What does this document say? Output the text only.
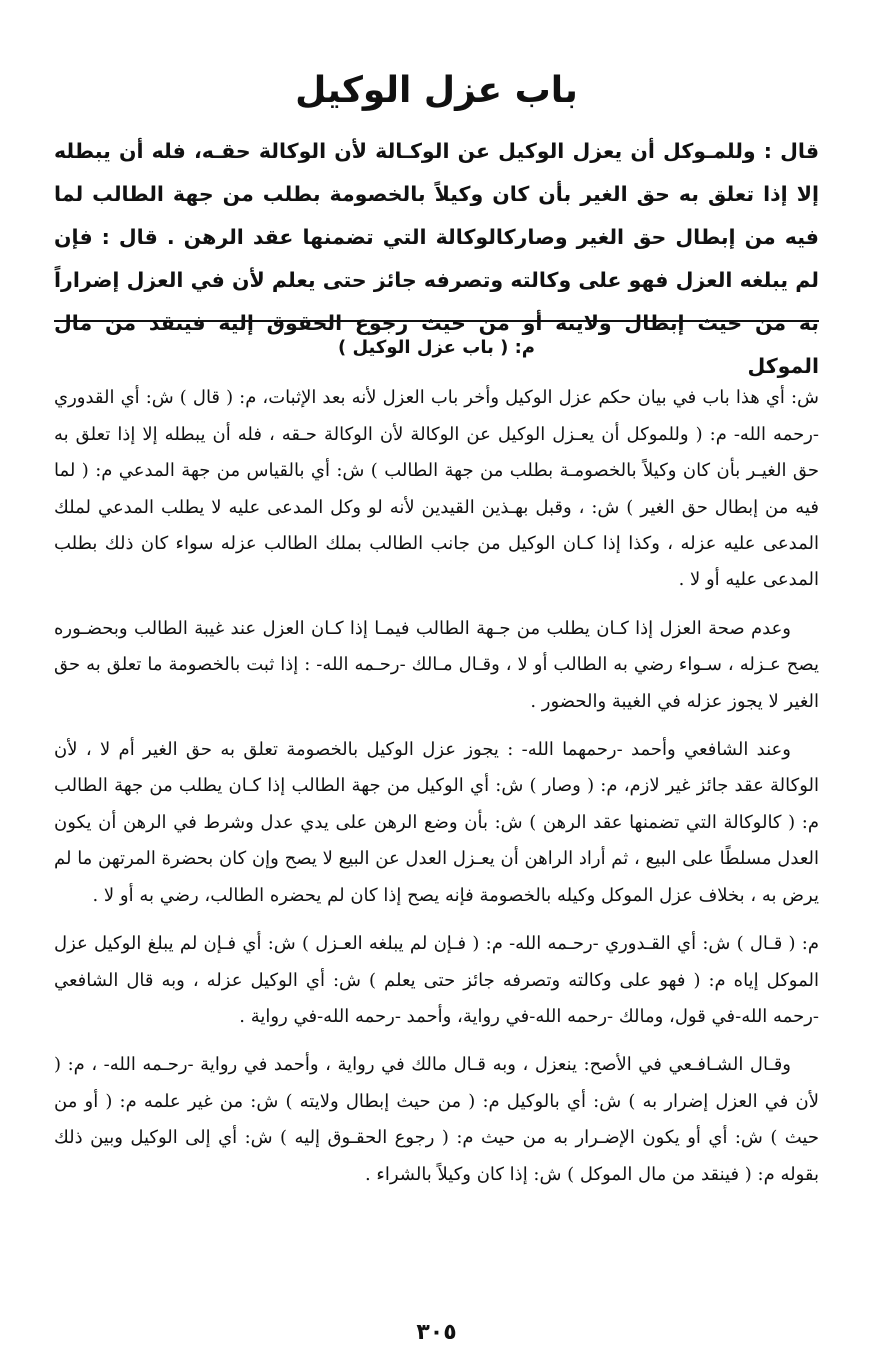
باب عزل الوكيل
قال : وللمـوكل أن يعزل الوكيل عن الوكـالة لأن الوكالة حقـه، فله أن يبطله إلا إذا تعلق به حق الغير بأن كان وكيلاً بالخصومة بطلب من جهة الطالب لما فيه من إبطال حق الغير وصاركالوكالة التي تضمنها عقد الرهن . قال : فإن لم يبلغه العزل فهو على وكالته وتصرفه جائز حتى يعلم لأن في العزل إضراراً به من حيث إبطال ولايته أو من حيث رجوع الحقوق إليه فينقد من مال الموكل
م: ( باب عزل الوكيل )

ش: أي هذا باب في بيان حكم عزل الوكيل وأخر باب العزل لأنه بعد الإثبات، م: ( قال ) ش: أي القدوري -رحمه الله- م: ( وللموكل أن يعـزل الوكيل عن الوكالة لأن الوكالة حـقه ، فله أن يبطله إلا إذا تعلق به حق الغيـر بأن كان وكيلاً بالخصومـة بطلب من جهة الطالب ) ش: أي بالقياس من جهة المدعي م: ( لما فيه من إبطال حق الغير ) ش: ، وقبل بهـذين القيدين لأنه لو وكل المدعى عليه لا يطلب المدعي لملك المدعى عليه عزله ، وكذا إذا كـان الوكيل من جانب الطالب بملك الطالب عزله سواء كان ذلك بطلب المدعى عليه أو لا .

وعدم صحة العزل إذا كـان يطلب من جـهة الطالب فيمـا إذا كـان العزل عند غيبة الطالب وبحضـوره يصح عـزله ، سـواء رضي به الطالب أو لا ، وقـال مـالك -رحـمه الله- : إذا ثبت بالخصومة ما تعلق به حق الغير لا يجوز عزله في الغيبة والحضور .

وعند الشافعي وأحمد -رحمهما الله- : يجوز عزل الوكيل بالخصومة تعلق به حق الغير أم لا ، لأن الوكالة عقد جائز غير لازم، م: ( وصار ) ش: أي الوكيل من جهة الطالب إذا كـان يطلب من جهة الطالب م: ( كالوكالة التي تضمنها عقد الرهن ) ش: بأن وضع الرهن على يدي عدل وشرط في الرهن أن يكون العدل مسلطًا على البيع ، ثم أراد الراهن أن يعـزل العدل عن البيع لا يصح وإن كان بحضرة المرتهن ما لم يرض به ، بخلاف عزل الموكل وكيله بالخصومة فإنه يصح إذا كان لم يحضره الطالب، رضي به أو لا .

م: ( قـال ) ش: أي القـدوري -رحـمه الله- م: ( فـإن لم يبلغه العـزل ) ش: أي فـإن لم يبلغ الوكيل عزل الموكل إياه م: ( فهو على وكالته وتصرفه جائز حتى يعلم ) ش: أي الوكيل عزله ، وبه قال الشافعي -رحمه الله-في قول، ومالك -رحمه الله-في رواية، وأحمد -رحمه الله-في رواية .

وقـال الشـافـعي في الأصح: ينعزل ، وبه قـال مالك في رواية ، وأحمد في رواية -رحـمه الله- ، م: ( لأن في العزل إضرار به ) ش: أي بالوكيل م: ( من حيث إبطال ولايته ) ش: من غير علمه م: ( أو من حيث ) ش: أي أو يكون الإضـرار به من حيث م: ( رجوع الحقـوق إليه ) ش: أي إلى الوكيل وبين ذلك بقوله م: ( فينقد من مال الموكل ) ش: إذا كان وكيلاً بالشراء .

٣٠٥
